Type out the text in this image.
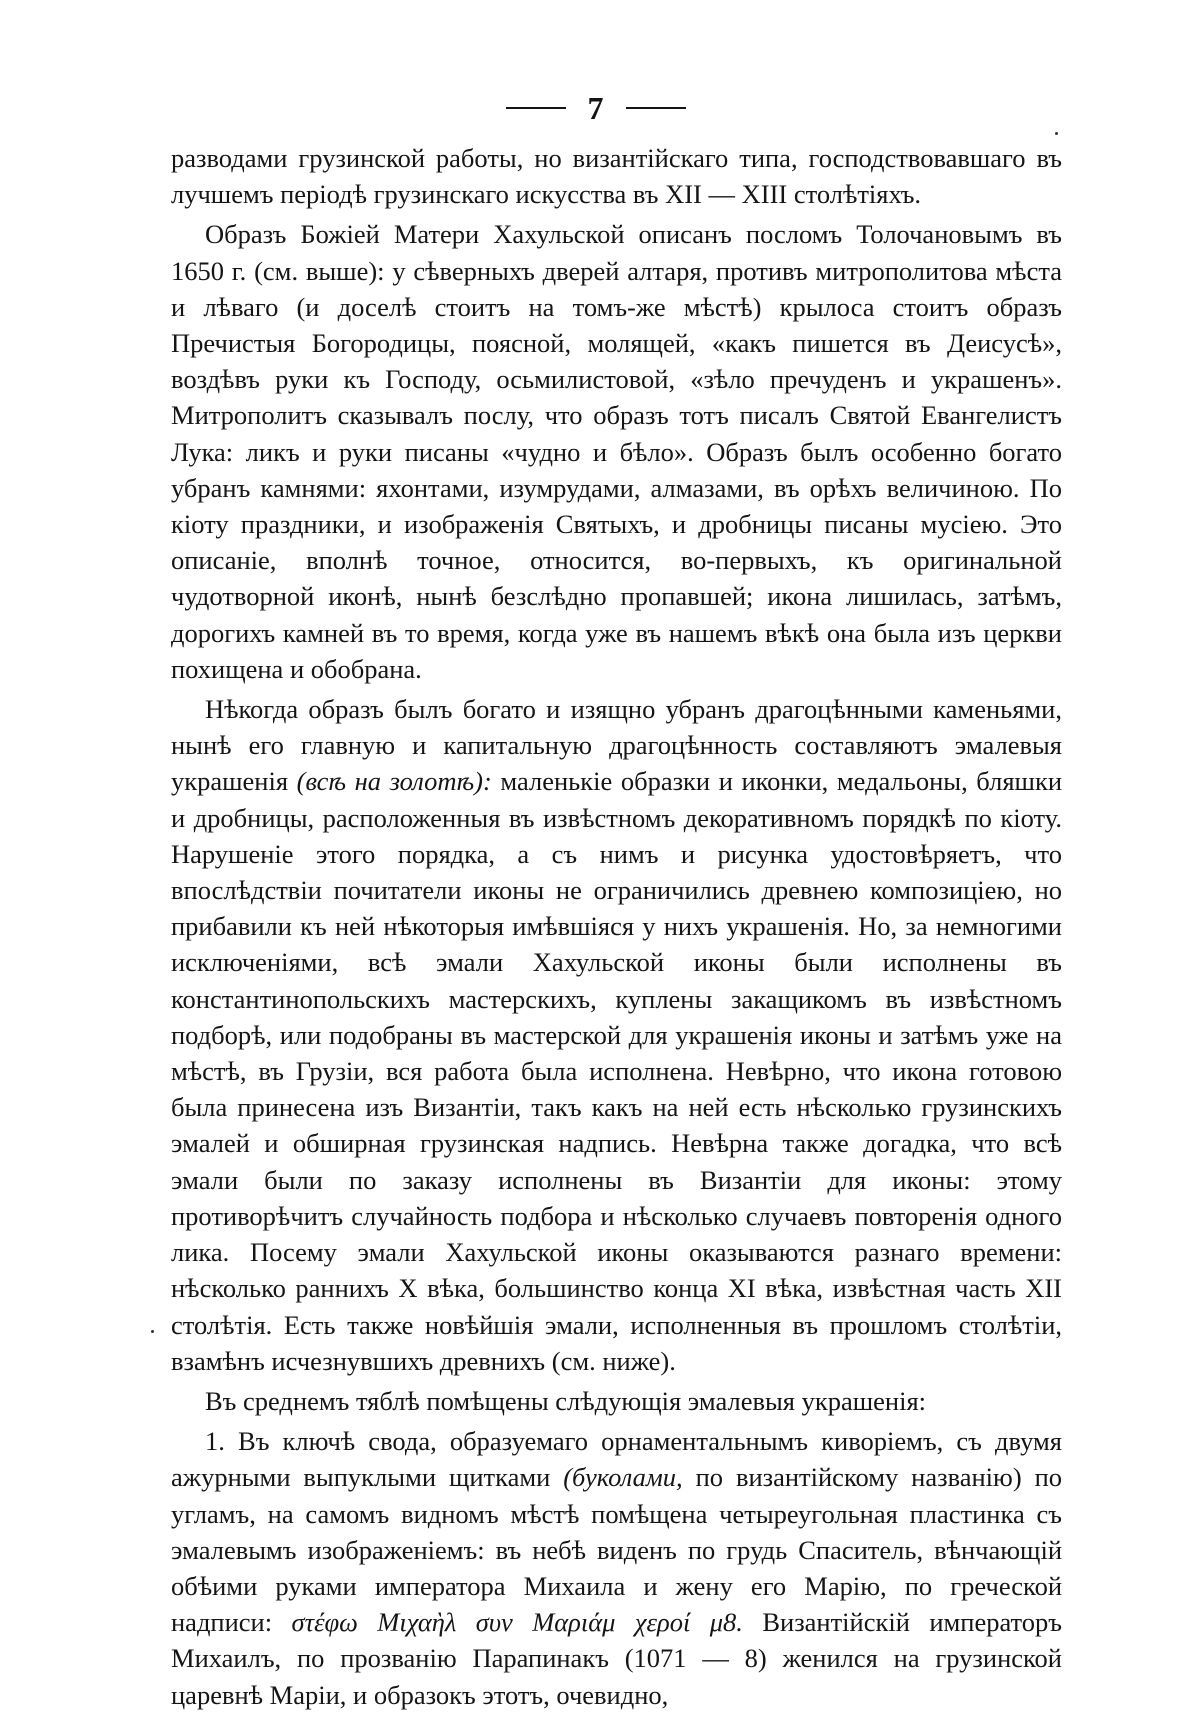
7

разводами грузинской работы, но византійскаго типа, господствовавшаго въ лучшемъ періодѣ грузинскаго искусства въ XII — XIII столѣтіяхъ.

Образъ Божіей Матери Хахульской описанъ посломъ Толочановымъ въ 1650 г. (см. выше): у сѣверныхъ дверей алтаря, противъ митрополитова мѣста и лѣваго (и доселѣ стоитъ на томъ-же мѣстѣ) крылоса стоитъ образъ Пречистыя Богородицы, поясной, молящей, «какъ пишется въ Деисусѣ», воздѣвъ руки къ Господу, осьмилистовой, «зѣло пречуденъ и украшенъ». Митрополитъ сказывалъ послу, что образъ тотъ писалъ Святой Евангелистъ Лука: ликъ и руки писаны «чудно и бѣло». Образъ былъ особенно богато убранъ камнями: яхонтами, изумрудами, алмазами, въ орѣхъ величиною. По кіоту праздники, и изображенія Святыхъ, и дробницы писаны мусіею. Это описаніе, вполнѣ точное, относится, во-первыхъ, къ оригинальной чудотворной иконѣ, нынѣ безслѣдно пропавшей; икона лишилась, затѣмъ, дорогихъ камней въ то время, когда уже въ нашемъ вѣкѣ она была изъ церкви похищена и обобрана.

Нѣкогда образъ былъ богато и изящно убранъ драгоцѣнными каменьями, нынѣ его главную и капитальную драгоцѣнность составляютъ эмалевыя украшенія (всѣ на золотѣ): маленькіе образки и иконки, медальоны, бляшки и дробницы, расположенныя въ извѣстномъ декоративномъ порядкѣ по кіоту. Нарушеніе этого порядка, а съ нимъ и рисунка удостовѣряетъ, что впослѣдствіи почитатели иконы не ограничились древнею композиціею, но прибавили къ ней нѣкоторыя имѣвшіяся у нихъ украшенія. Но, за немногими исключеніями, всѣ эмали Хахульской иконы были исполнены въ константинопольскихъ мастерскихъ, куплены закащикомъ въ извѣстномъ подборѣ, или подобраны въ мастерской для украшенія иконы и затѣмъ уже на мѣстѣ, въ Грузіи, вся работа была исполнена. Невѣрно, что икона готовою была принесена изъ Византіи, такъ какъ на ней есть нѣсколько грузинскихъ эмалей и обширная грузинская надпись. Невѣрна также догадка, что всѣ эмали были по заказу исполнены въ Византіи для иконы: этому противорѣчитъ случайность подбора и нѣсколько случаевъ повторенія одного лика. Посему эмали Хахульской иконы оказываются разнаго времени: нѣсколько раннихъ X вѣка, большинство конца XI вѣка, извѣстная часть XII столѣтія. Есть также новѣйшія эмали, исполненныя въ прошломъ столѣтіи, взамѣнъ исчезнувшихъ древнихъ (см. ниже).

Въ среднемъ тяблѣ помѣщены слѣдующія эмалевыя украшенія:

1. Въ ключѣ свода, образуемаго орнаментальнымъ киворіемъ, съ двумя ажурными выпуклыми щитками (буколами, по византійскому названію) по угламъ, на самомъ видномъ мѣстѣ помѣщена четыреугольная пластинка съ эмалевымъ изображеніемъ: въ небѣ виденъ по грудь Спаситель, вѣнчающій обѣими руками императора Михаила и жену его Марію, по греческой надписи: στέφω Μιχαὴλ συν Μαριάμ χεροί μ8. Византійскій императоръ Михаилъ, по прозванію Парапинакъ (1071 — 8) женился на грузинской царевнѣ Маріи, и образокъ этотъ, очевидно,
